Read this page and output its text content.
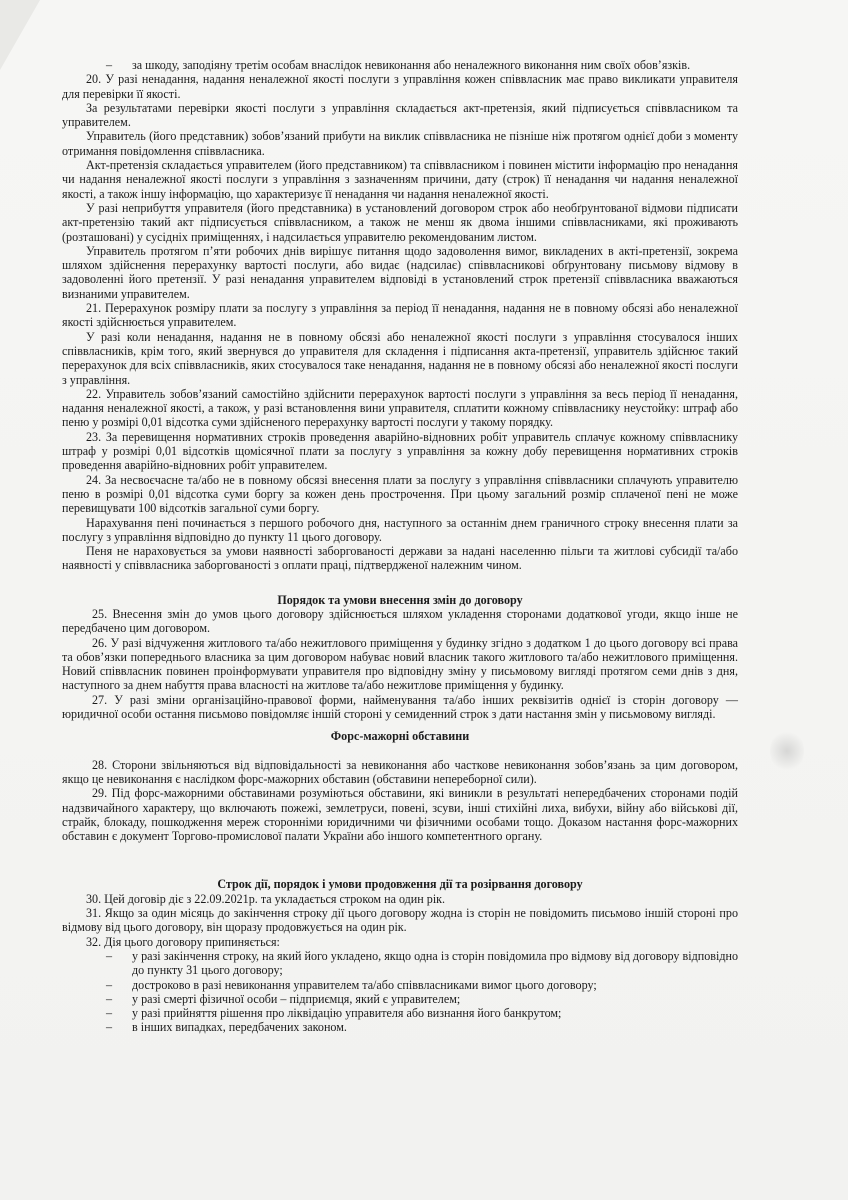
–	за шкоду, заподіяну третім особам внаслідок невиконання або неналежного виконання ним своїх обов’язків.

20. У разі ненадання, надання неналежної якості послуги з управління кожен співвласник має право викликати управителя для перевірки її якості.

За результатами перевірки якості послуги з управління складається акт-претензія, який підписується співвласником та управителем.

Управитель (його представник) зобов’язаний прибути на виклик співвласника не пізніше ніж протягом однієї доби з моменту отримання повідомлення співвласника.

Акт-претензія складається управителем (його представником) та співвласником і повинен містити інформацію про ненадання чи надання неналежної якості послуги з управління з зазначенням причини, дату (строк) її ненадання чи надання неналежної якості, а також іншу інформацію, що характеризує її ненадання чи надання неналежної якості.

У разі неприбуття управителя (його представника) в установлений договором строк або необґрунтованої відмови підписати акт-претензію такий акт підписується співвласником, а також не менш як двома іншими співвласниками, які проживають (розташовані) у сусідніх приміщеннях, і надсилається управителю рекомендованим листом.

Управитель протягом п’яти робочих днів вирішує питання щодо задоволення вимог, викладених в акті-претензії, зокрема шляхом здійснення перерахунку вартості послуги, або видає (надсилає) співвласникові обґрунтовану письмову відмову в задоволенні його претензії. У разі ненадання управителем відповіді в установлений строк претензії співвласника вважаються визнаними управителем.

21. Перерахунок розміру плати за послугу з управління за період її ненадання, надання не в повному обсязі або неналежної якості здійснюється управителем.

У разі коли ненадання, надання не в повному обсязі або неналежної якості послуги з управління стосувалося інших співвласників, крім того, який звернувся до управителя для складення і підписання акта-претензії, управитель здійснює такий перерахунок для всіх співвласників, яких стосувалося таке ненадання, надання не в повному обсязі або неналежної якості послуги з управління.

22. Управитель зобов’язаний самостійно здійснити перерахунок вартості послуги з управління за весь період її ненадання, надання неналежної якості, а також, у разі встановлення вини управителя, сплатити кожному співвласнику неустойку: штраф або пеню у розмірі 0,01 відсотка суми здійсненого перерахунку вартості послуги у такому порядку.

23. За перевищення нормативних строків проведення аварійно-відновних робіт управитель сплачує кожному співвласнику штраф у розмірі 0,01 відсотків щомісячної плати за послугу з управління за кожну добу перевищення нормативних строків проведення аварійно-відновних робіт управителем.

24. За несвоєчасне та/або не в повному обсязі внесення плати за послугу з управління співвласники сплачують управителю пеню в розмірі 0,01 відсотка суми боргу за кожен день прострочення. При цьому загальний розмір сплаченої пені не може перевищувати 100 відсотків загальної суми боргу.

Нарахування пені починається з першого робочого дня, наступного за останнім днем граничного строку внесення плати за послугу з управління відповідно до пункту 11 цього договору.

Пеня не нараховується за умови наявності заборгованості держави за надані населенню пільги та житлові субсидії та/або наявності у співвласника заборгованості з оплати праці, підтвердженої належним чином.

Порядок та умови внесення змін до договору

25. Внесення змін до умов цього договору здійснюється шляхом укладення сторонами додаткової угоди, якщо інше не передбачено цим договором.

26. У разі відчуження житлового та/або нежитлового приміщення у будинку згідно з додатком 1 до цього договору всі права та обов’язки попереднього власника за цим договором набуває новий власник такого житлового та/або нежитлового приміщення. Новий співвласник повинен проінформувати управителя про відповідну зміну у письмовому вигляді протягом семи днів з дня, наступного за днем набуття права власності на житлове та/або нежитлове приміщення у будинку.

27. У разі зміни організаційно-правової форми, найменування та/або інших реквізитів однієї із сторін договору — юридичної особи остання письмово повідомляє іншій стороні у семиденний строк з дати настання змін у письмовому вигляді.

Форс-мажорні обставини

28. Сторони звільняються від відповідальності за невиконання або часткове невиконання зобов’язань за цим договором, якщо це невиконання є наслідком форс-мажорних обставин (обставини непереборної сили).

29. Під форс-мажорними обставинами розуміються обставини, які виникли в результаті непередбачених сторонами подій надзвичайного характеру, що включають пожежі, землетруси, повені, зсуви, інші стихійні лиха, вибухи, війну або військові дії, страйк, блокаду, пошкодження мереж сторонніми юридичними чи фізичними особами тощо. Доказом настання форс-мажорних обставин є документ Торгово-промислової палати України або іншого компетентного органу.

Строк дії, порядок і умови продовження дії та розірвання договору

30. Цей договір діє з 22.09.2021р. та укладається строком на один рік.

31. Якщо за один місяць до закінчення строку дії цього договору жодна із сторін не повідомить письмово іншій стороні про відмову від цього договору, він щоразу продовжується на один рік.

32. Дія цього договору припиняється:

–	у разі закінчення строку, на який його укладено, якщо одна із сторін повідомила про відмову від договору відповідно до пункту 31 цього договору;
–	достроково в разі невиконання управителем та/або співвласниками вимог цього договору;
–	у разі смерті фізичної особи – підприємця, який є управителем;
–	у разі прийняття рішення про ліквідацію управителя або визнання його банкрутом;
–	в інших випадках, передбачених законом.
